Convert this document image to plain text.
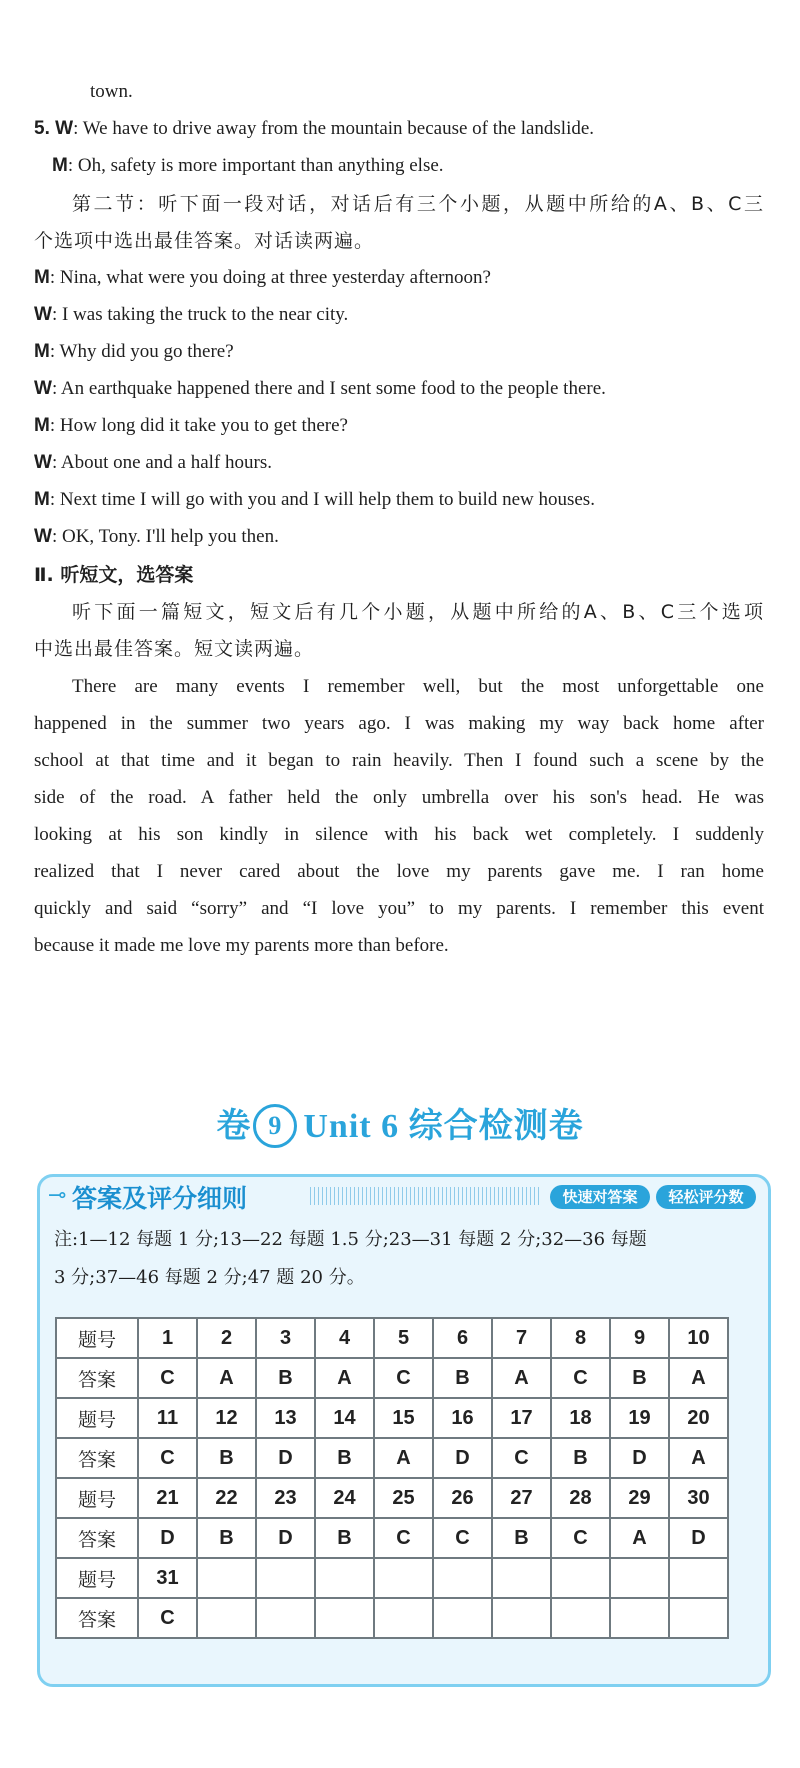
town.
5. W: We have to drive away from the mountain because of the landslide.
M: Oh, safety is more important than anything else.
第二节：听下面一段对话，对话后有三个小题，从题中所给的A、B、C三
个选项中选出最佳答案。对话读两遍。
M: Nina, what were you doing at three yesterday afternoon?
W: I was taking the truck to the near city.
M: Why did you go there?
W: An earthquake happened there and I sent some food to the people there.
M: How long did it take you to get there?
W: About one and a half hours.
M: Next time I will go with you and I will help them to build new houses.
W: OK, Tony. I'll help you then.
Ⅱ. 听短文，选答案
听下面一篇短文，短文后有几个小题，从题中所给的A、B、C三个选项
中选出最佳答案。短文读两遍。
There are many events I remember well, but the most unforgettable one
happened in the summer two years ago. I was making my way back home after
school at that time and it began to rain heavily. Then I found such a scene by the
side of the road. A father held the only umbrella over his son's head. He was
looking at his son kindly in silence with his back wet completely. I suddenly
realized that I never cared about the love my parents gave me. I ran home
quickly and said “sorry” and “I love you” to my parents. I remember this event
because it made me love my parents more than before.
卷 9 Unit 6 综合检测卷
⊸ 答案及评分细则	快速对答案	轻松评分数
注:1—12 每题 1 分;13—22 每题 1.5 分;23—31 每题 2 分;32—36 每题
3 分;37—46 每题 2 分;47 题 20 分。
题号	1	2	3	4	5	6	7	8	9	10
答案	C	A	B	A	C	B	A	C	B	A
题号	11	12	13	14	15	16	17	18	19	20
答案	C	B	D	B	A	D	C	B	D	A
题号	21	22	23	24	25	26	27	28	29	30
答案	D	B	D	B	C	C	B	C	A	D
题号	31									
答案	C									
